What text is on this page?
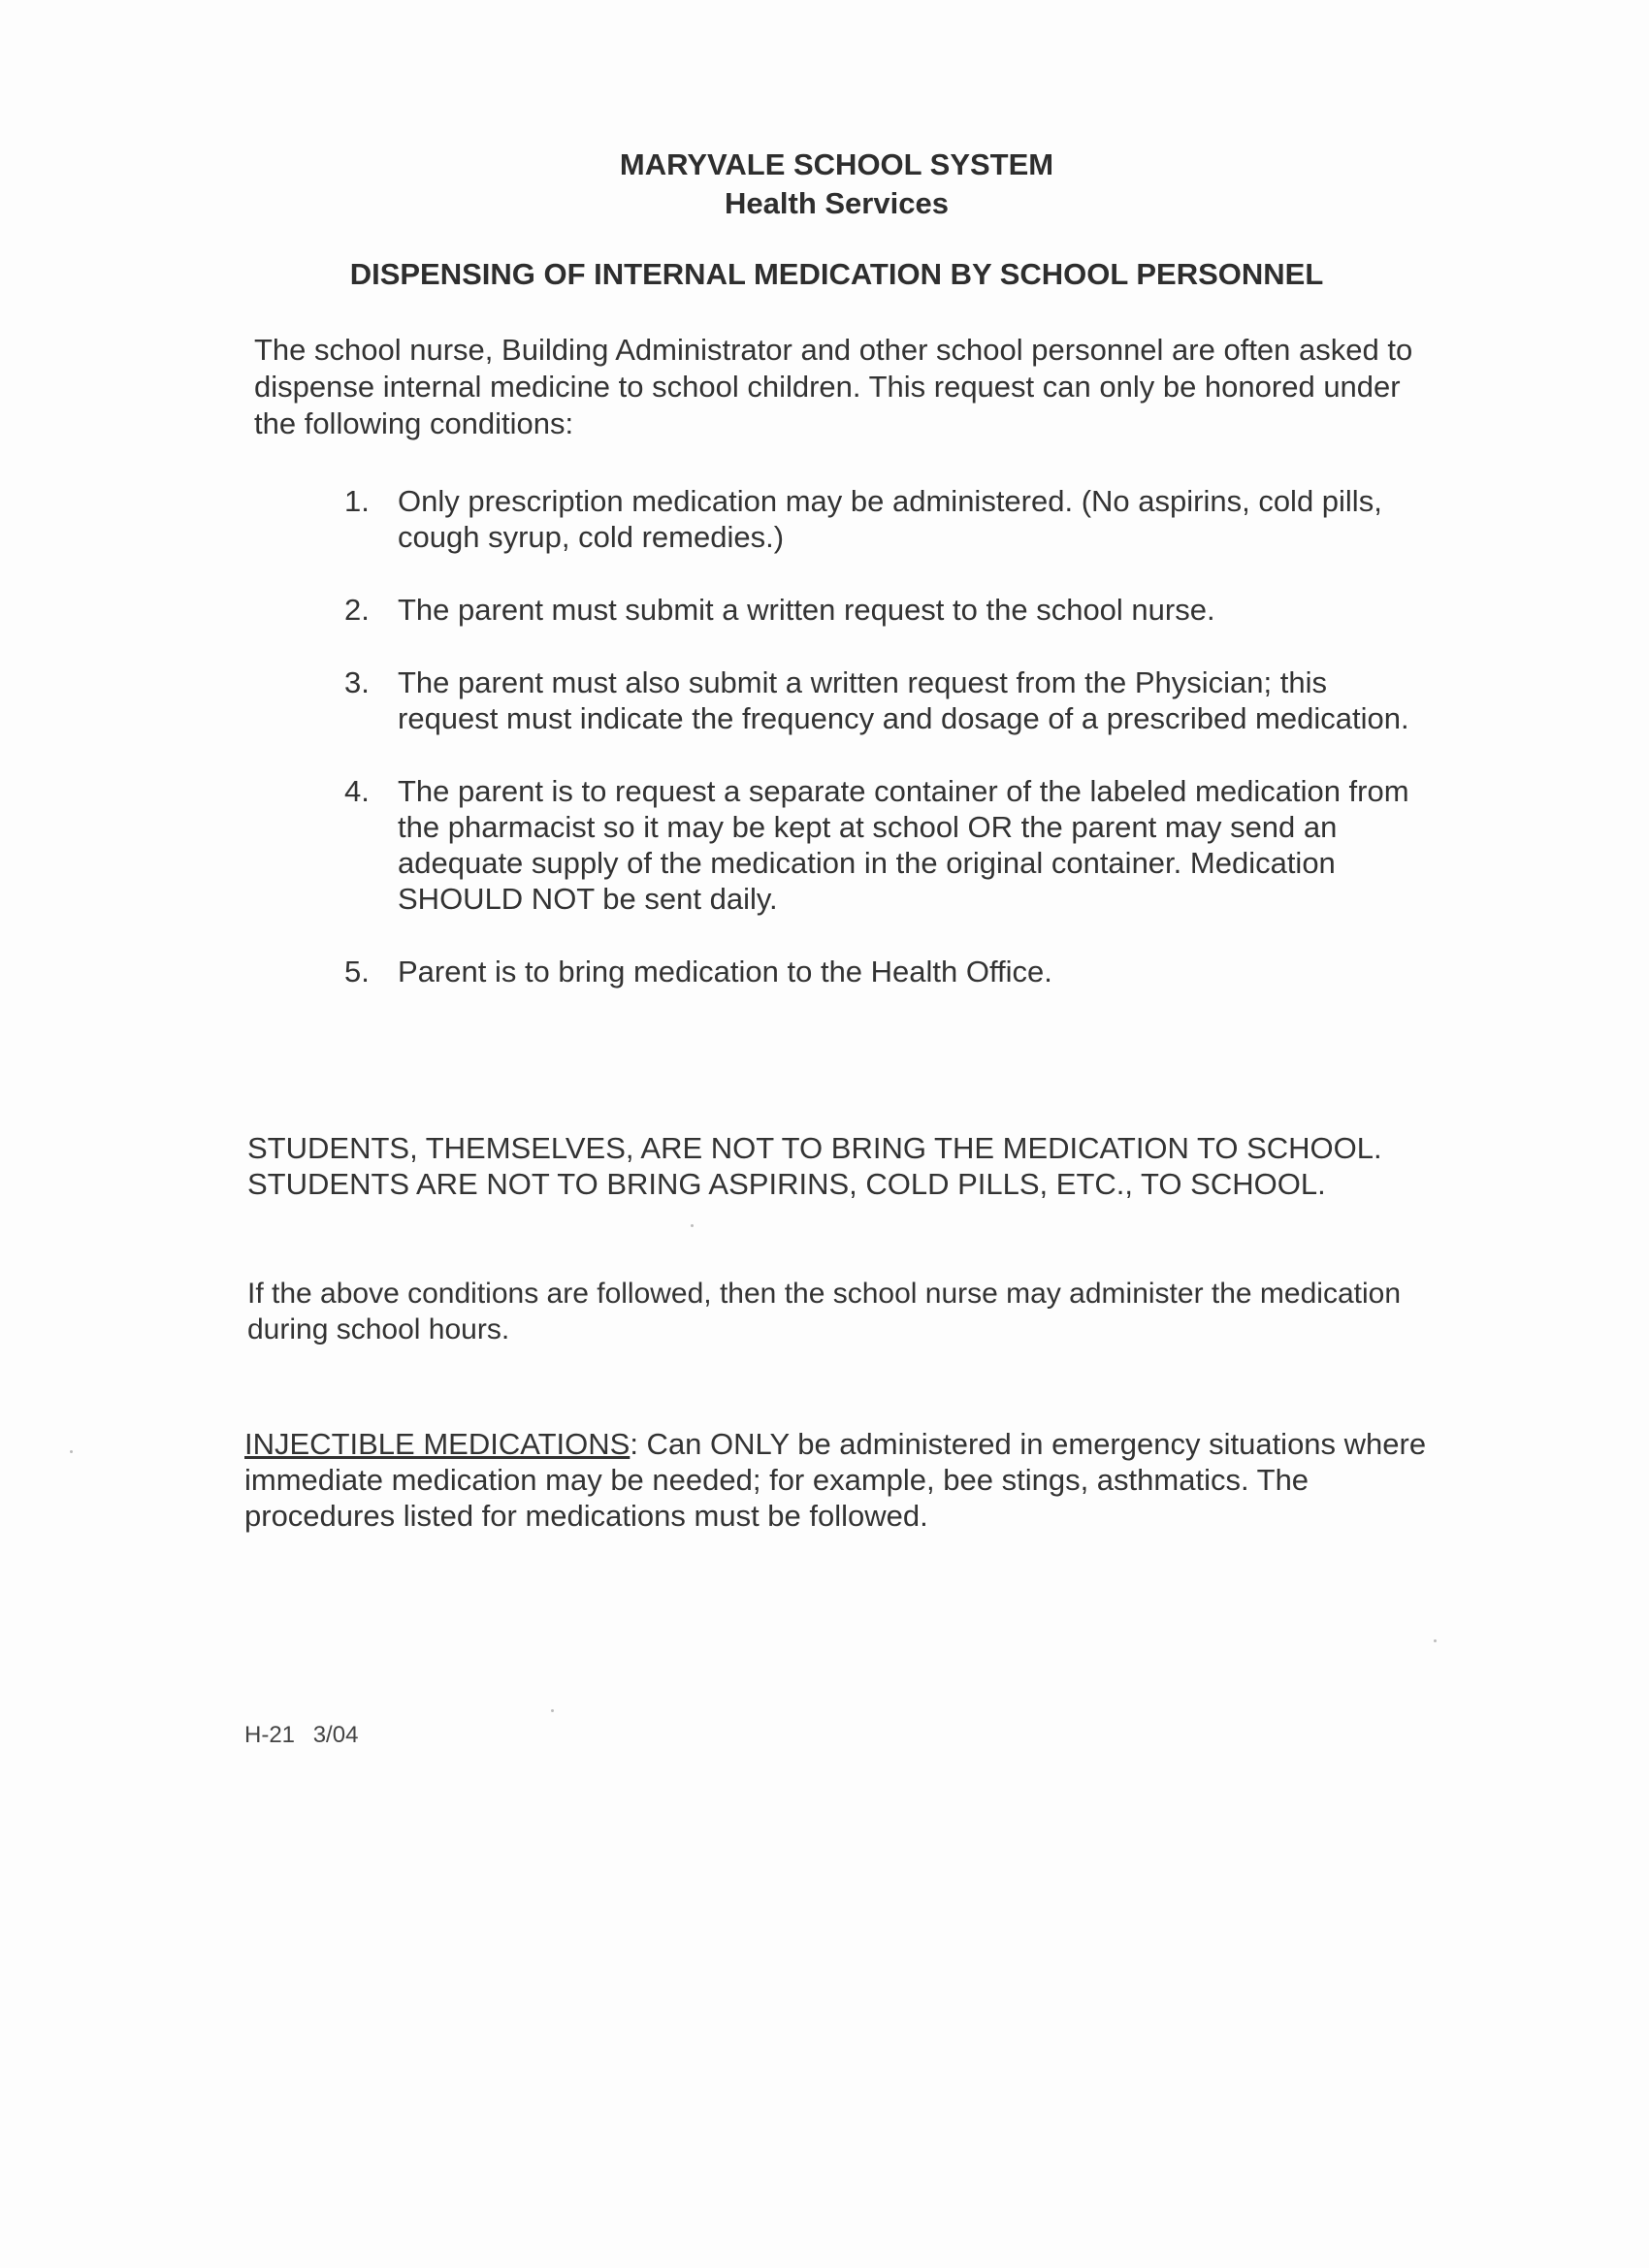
MARYVALE SCHOOL SYSTEM
Health Services
DISPENSING OF INTERNAL MEDICATION BY SCHOOL PERSONNEL
The school nurse, Building Administrator and other school personnel are often asked to dispense internal medicine to school children. This request can only be honored under the following conditions:
1. Only prescription medication may be administered. (No aspirins, cold pills, cough syrup, cold remedies.)
2. The parent must submit a written request to the school nurse.
3. The parent must also submit a written request from the Physician; this request must indicate the frequency and dosage of a prescribed medication.
4. The parent is to request a separate container of the labeled medication from the pharmacist so it may be kept at school OR the parent may send an adequate supply of the medication in the original container. Medication SHOULD NOT be sent daily.
5. Parent is to bring medication to the Health Office.
STUDENTS, THEMSELVES, ARE NOT TO BRING THE MEDICATION TO SCHOOL. STUDENTS ARE NOT TO BRING ASPIRINS, COLD PILLS, ETC., TO SCHOOL.
If the above conditions are followed, then the school nurse may administer the medication during school hours.
INJECTIBLE MEDICATIONS: Can ONLY be administered in emergency situations where immediate medication may be needed; for example, bee stings, asthmatics. The procedures listed for medications must be followed.
H-21 3/04
